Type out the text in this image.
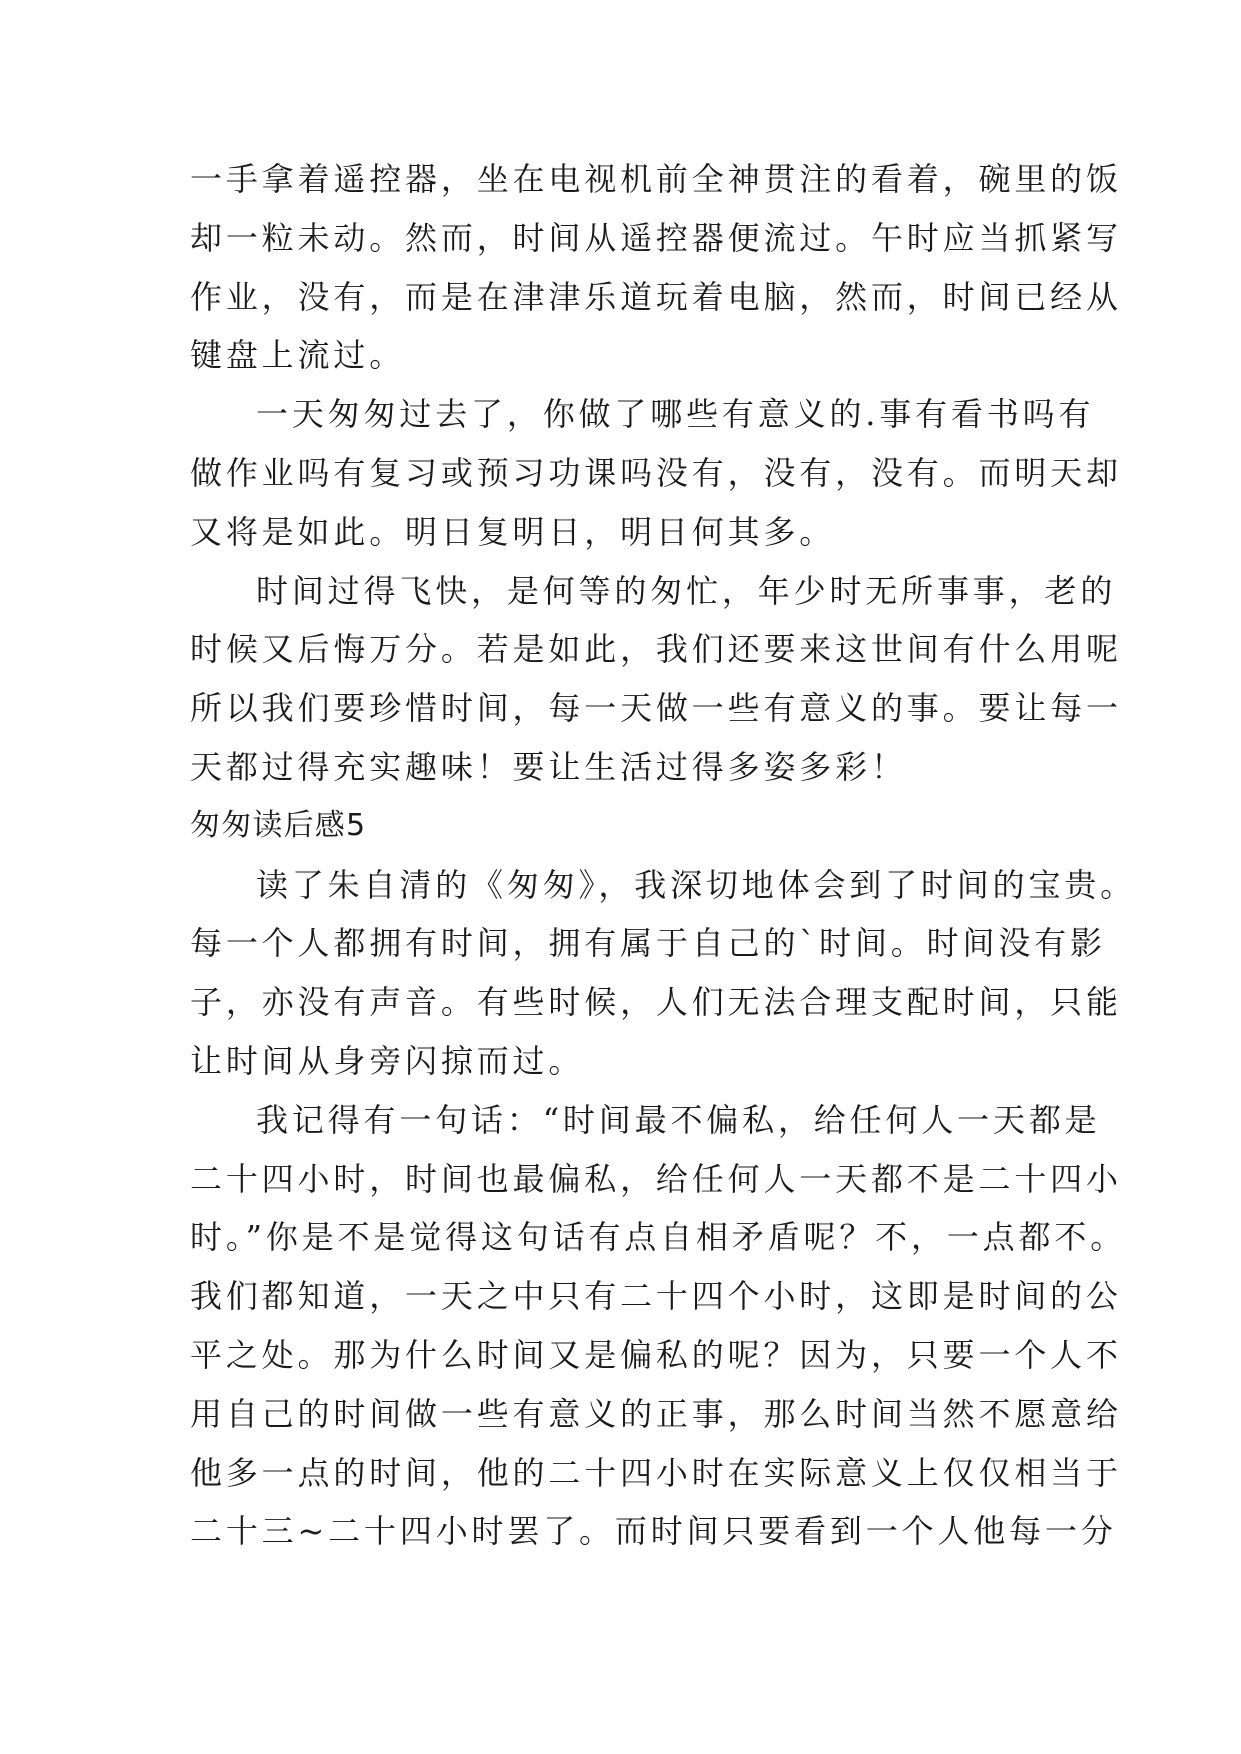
一手拿着遥控器，坐在电视机前全神贯注的看着，碗里的饭
却一粒未动。然而，时间从遥控器便流过。午时应当抓紧写
作业，没有，而是在津津乐道玩着电脑，然而，时间已经从
键盘上流过。
一天匆匆过去了，你做了哪些有意义的.事有看书吗有
做作业吗有复习或预习功课吗没有，没有，没有。而明天却
又将是如此。明日复明日，明日何其多。
时间过得飞快，是何等的匆忙，年少时无所事事，老的
时候又后悔万分。若是如此，我们还要来这世间有什么用呢
所以我们要珍惜时间，每一天做一些有意义的事。要让每一
天都过得充实趣味！要让生活过得多姿多彩！
匆匆读后感5
读了朱自清的《匆匆》，我深切地体会到了时间的宝贵。
每一个人都拥有时间，拥有属于自己的`时间。时间没有影
子，亦没有声音。有些时候，人们无法合理支配时间，只能
让时间从身旁闪掠而过。
我记得有一句话：“时间最不偏私，给任何人一天都是
二十四小时，时间也最偏私，给任何人一天都不是二十四小
时。”你是不是觉得这句话有点自相矛盾呢？不，一点都不。
我们都知道，一天之中只有二十四个小时，这即是时间的公
平之处。那为什么时间又是偏私的呢？因为，只要一个人不
用自己的时间做一些有意义的正事，那么时间当然不愿意给
他多一点的时间，他的二十四小时在实际意义上仅仅相当于
二十三~二十四小时罢了。而时间只要看到一个人他每一分
